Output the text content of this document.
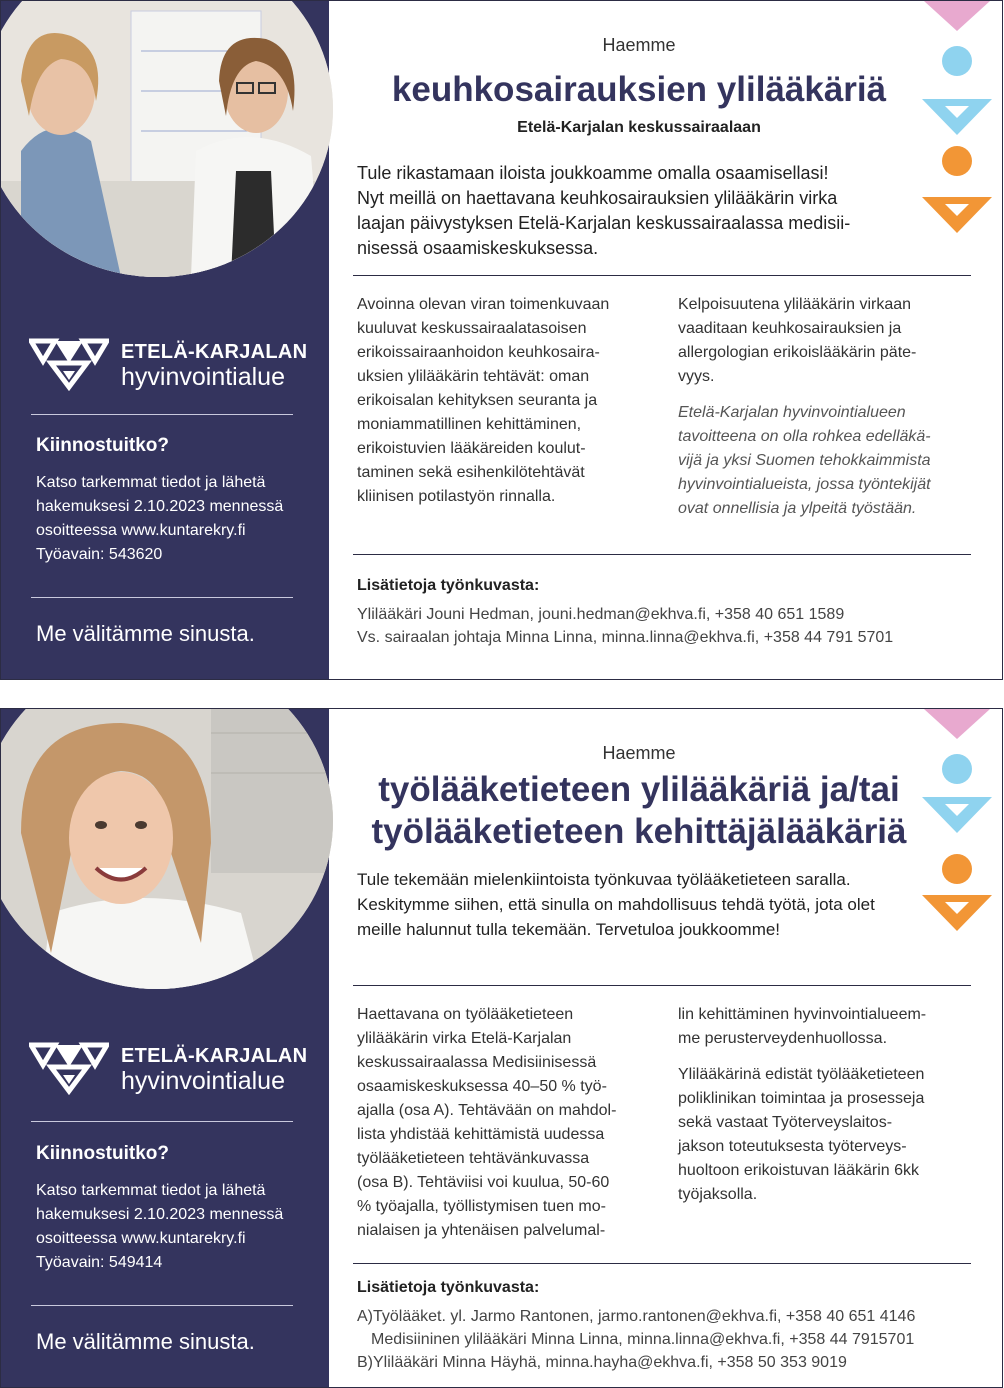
ETELÄ-KARJALAN
hyvinvointialue
Kiinnostuitko?
Katso tarkemmat tiedot ja lähetä
hakemuksesi 2.10.2023 mennessä
osoitteessa www.kuntarekry.fi
Työavain: 543620
Me välitämme sinusta.
Haemme
keuhkosairauksien ylilääkäriä
Etelä-Karjalan keskussairaalaan
Tule rikastamaan iloista joukkoamme omalla osaamisellasi!
Nyt meillä on haettavana keuhkosairauksien ylilääkärin virka
laajan päivystyksen Etelä-Karjalan keskussairaalassa medisii-
nisessä osaamiskeskuksessa.
Avoinna olevan viran toimenkuvaan
kuuluvat keskussairaalatasoisen
erikoissairaanhoidon keuhkosaira-
uksien ylilääkärin tehtävät: oman
erikoisalan kehityksen seuranta ja
moniammatillinen kehittäminen,
erikoistuvien lääkäreiden koulut-
taminen sekä esihenkilötehtävät
kliinisen potilastyön rinnalla.
Kelpoisuutena ylilääkärin virkaan
vaaditaan keuhkosairauksien ja
allergologian erikoislääkärin päte-
vyys.
Etelä-Karjalan hyvinvointialueen
tavoitteena on olla rohkea edelläkä-
vijä ja yksi Suomen tehokkaimmista
hyvinvointialueista, jossa työntekijät
ovat onnellisia ja ylpeitä työstään.
Lisätietoja työnkuvasta:
Ylilääkäri Jouni Hedman, jouni.hedman@ekhva.fi, +358 40 651 1589
Vs. sairaalan johtaja Minna Linna, minna.linna@ekhva.fi, +358 44 791 5701
ETELÄ-KARJALAN
hyvinvointialue
Kiinnostuitko?
Katso tarkemmat tiedot ja lähetä
hakemuksesi 2.10.2023 mennessä
osoitteessa www.kuntarekry.fi
Työavain: 549414
Me välitämme sinusta.
Haemme
työlääketieteen ylilääkäriä ja/tai
työlääketieteen kehittäjälääkäriä
Tule tekemään mielenkiintoista työnkuvaa työlääketieteen saralla.
Keskitymme siihen, että sinulla on mahdollisuus tehdä työtä, jota olet
meille halunnut tulla tekemään. Tervetuloa joukkoomme!
Haettavana on työlääketieteen
ylilääkärin virka Etelä-Karjalan
keskussairaalassa Medisiinisessä
osaamiskeskuksessa 40–50 % työ-
ajalla (osa A). Tehtävään on mahdol-
lista yhdistää kehittämistä uudessa
työlääketieteen tehtävänkuvassa
(osa B). Tehtäviisi voi kuulua, 50-60
% työajalla, työllistymisen tuen mo-
nialaisen ja yhtenäisen palvelumal-
lin kehittäminen hyvinvointialueem-
me perusterveydenhuollossa.
Ylilääkärinä edistät työlääketieteen
poliklinikan toimintaa ja prosesseja
sekä vastaat Työterveyslaitos-
jakson toteutuksesta työterveys-
huoltoon erikoistuvan lääkärin 6kk
työjaksolla.
Lisätietoja työnkuvasta:
A)Työlääket. yl. Jarmo Rantonen, jarmo.rantonen@ekhva.fi, +358 40 651 4146
Medisiininen ylilääkäri Minna Linna, minna.linna@ekhva.fi, +358 44 7915701
B)Ylilääkäri Minna Häyhä, minna.hayha@ekhva.fi, +358 50 353 9019
